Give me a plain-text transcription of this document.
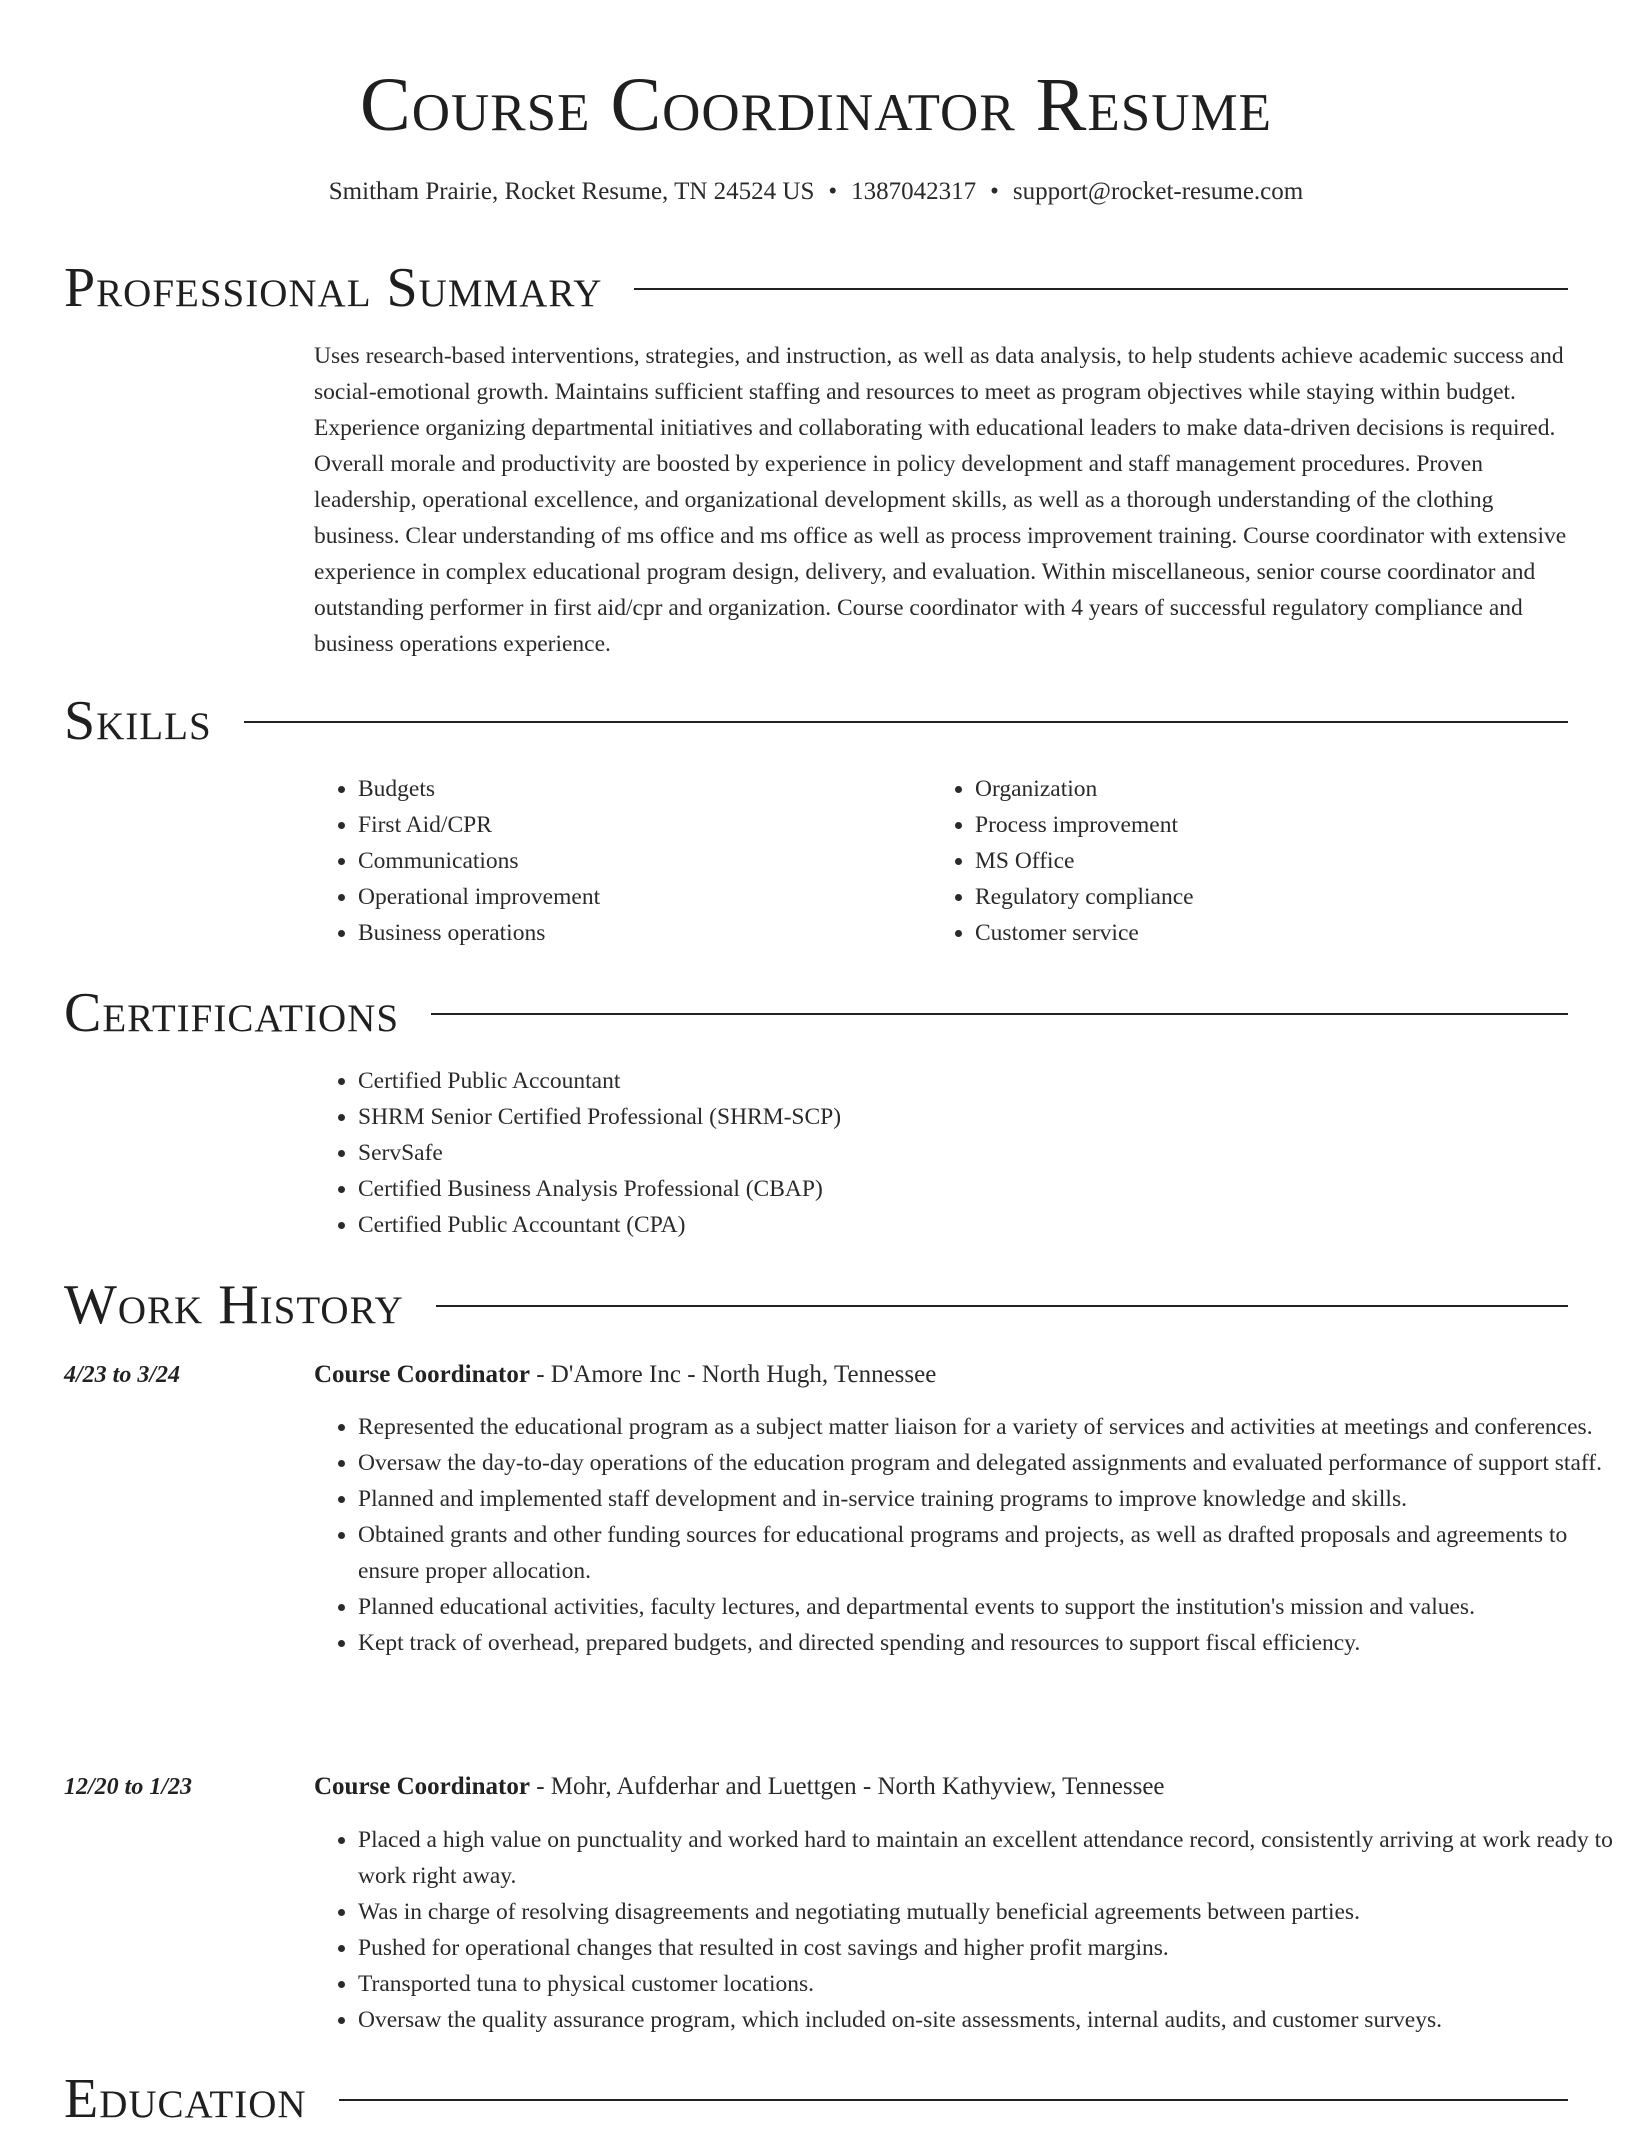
Course Coordinator Resume
Smitham Prairie, Rocket Resume, TN 24524 US • 1387042317 • support@rocket-resume.com
Professional Summary

Uses research-based interventions, strategies, and instruction, as well as data analysis, to help students achieve academic success and social-emotional growth. Maintains sufficient staffing and resources to meet as program objectives while staying within budget. Experience organizing departmental initiatives and collaborating with educational leaders to make data-driven decisions is required. Overall morale and productivity are boosted by experience in policy development and staff management procedures. Proven leadership, operational excellence, and organizational development skills, as well as a thorough understanding of the clothing business. Clear understanding of ms office and ms office as well as process improvement training. Course coordinator with extensive experience in complex educational program design, delivery, and evaluation. Within miscellaneous, senior course coordinator and outstanding performer in first aid/cpr and organization. Course coordinator with 4 years of successful regulatory compliance and business operations experience.

Skills
• Budgets
• First Aid/CPR
• Communications
• Operational improvement
• Business operations
• Organization
• Process improvement
• MS Office
• Regulatory compliance
• Customer service
Certifications
• Certified Public Accountant
• SHRM Senior Certified Professional (SHRM-SCP)
• ServSafe
• Certified Business Analysis Professional (CBAP)
• Certified Public Accountant (CPA)
Work History
4/23 to 3/24	Course Coordinator - D'Amore Inc - North Hugh, Tennessee
• Represented the educational program as a subject matter liaison for a variety of services and activities at meetings and conferences.
• Oversaw the day-to-day operations of the education program and delegated assignments and evaluated performance of support staff.
• Planned and implemented staff development and in-service training programs to improve knowledge and skills.
• Obtained grants and other funding sources for educational programs and projects, as well as drafted proposals and agreements to ensure proper allocation.
• Planned educational activities, faculty lectures, and departmental events to support the institution's mission and values.
• Kept track of overhead, prepared budgets, and directed spending and resources to support fiscal efficiency.
12/20 to 1/23	Course Coordinator - Mohr, Aufderhar and Luettgen - North Kathyview, Tennessee
• Placed a high value on punctuality and worked hard to maintain an excellent attendance record, consistently arriving at work ready to work right away.
• Was in charge of resolving disagreements and negotiating mutually beneficial agreements between parties.
• Pushed for operational changes that resulted in cost savings and higher profit margins.
• Transported tuna to physical customer locations.
• Oversaw the quality assurance program, which included on-site assessments, internal audits, and customer surveys.
Education
